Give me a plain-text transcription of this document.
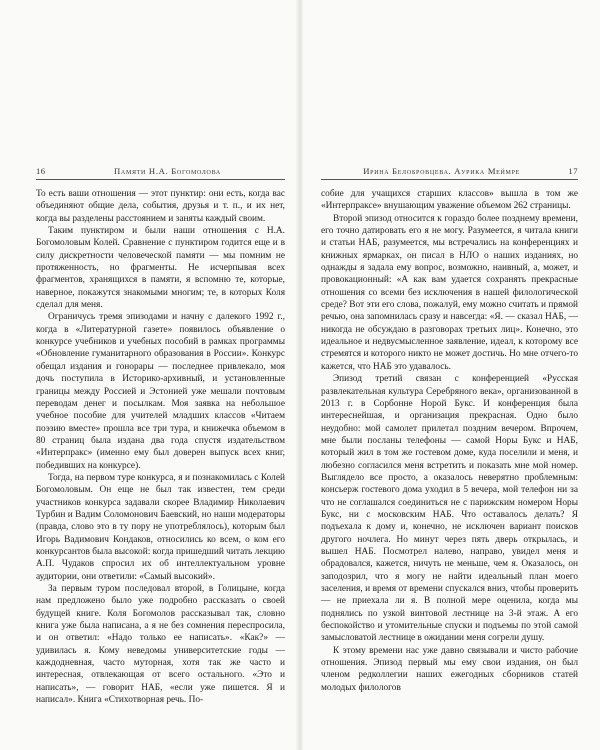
16	Памяти Н.А. Богомолова

То есть ваши отношения — этот пунктир: они есть, когда вас объединяют общие дела, события, друзья и т. п., и их нет, когда вы разделены расстоянием и заняты каждый своим.

Таким пунктиром и были наши отношения с Н.А. Богомоловым Колей. Сравнение с пунктиром годится еще и в силу дискретности человеческой памяти — мы помним не протяженность, но фрагменты. Не исчерпывая всех фрагментов, хранящихся в памяти, я вспомню те, которые, наверное, покажутся знакомыми многим; те, в которых Коля сделал для меня.

Ограничусь тремя эпизодами и начну с далекого 1992 г., когда в «Литературной газете» появилось объявление о конкурсе учебников и учебных пособий в рамках программы «Обновление гуманитарного образования в России». Конкурс обещал издания и гонорары — последнее привлекало, моя дочь поступила в Историко-архивный, и установленные границы между Россией и Эстонией уже мешали почтовым переводам денег и посылкам. Моя заявка на небольшое учебное пособие для учителей младших классов «Читаем поэзию вместе» прошла все три тура, и книжечка объемом в 80 страниц была издана два года спустя издательством «Интерпракс» (именно ему был доверен выпуск всех книг, победивших на конкурсе).

Тогда, на первом туре конкурса, я и познакомилась с Колей Богомоловым. Он еще не был так известен, тем среди участников конкурса задавали скорее Владимир Николаевич Турбин и Вадим Соломонович Баевский, но наши модераторы (правда, слово это в ту пору не употреблялось), которым был Игорь Вадимович Кондаков, относились ко всем, о ком его конкурсантов была высокой: когда пришедший читать лекцию А.П. Чудаков спросил их об интеллектуальном уровне аудитории, они ответили: «Самый высокий».

За первым туром последовал второй, в Голицыне, когда нам предложено было уже подробно рассказать о своей будущей книге. Коля Богомолов рассказывал так, словно книга уже была написана, а я не без сомнения переспросила, и он ответил: «Надо только ее написать». «Как?» — удивилась я. Кому неведомы университетские годы — каждодневная, часто муторная, хотя так же часто и интересная, отвлекающая от всего остального. «Это и написать», — говорит НАБ, «если уже пишется. Я и написал». Книга «Стихотворная речь. По-

Ирина Белобровцева. Аурика Меймре	17

собие для учащихся старших классов» вышла в том же «Интерпраксе» внушающим уважение объемом 262 страницы.

Второй эпизод относится к гораздо более позднему времени, его точно датировать его я не могу. Разумеется, я читала книги и статьи НАБ, разумеется, мы встречались на конференциях и книжных ярмарках, он писал в НЛО о наших изданиях, но однажды я задала ему вопрос, возможно, наивный, а, может, и провокационный: «А как вам удается сохранять прекрасные отношения со всеми без исключения в нашей филологической среде? Вот эти его слова, пожалуй, ему можно считать и прямой речью, она запомнилась сразу и навсегда: «Я. — сказал НАБ, — никогда не обсуждаю в разговорах третьих лиц». Конечно, это идеальное и недвусмысленное заявление, идеал, к которому все стремятся и которого никто не может достичь. Но мне отчего-то кажется, что НАБ это удавалось.

Эпизод третий связан с конференцией «Русская развлекательная культура Серебряного века», организованной в 2013 г. в Сорбонне Норой Букс. И конференция была интереснейшая, и организация прекрасная. Одно было неудобно: мой самолет прилетал поздним вечером. Впрочем, мне были посланы телефоны — самой Норы Букс и НАБ, который жил в том же гостевом доме, куда поселили и меня, и любезно согласился меня встретить и показать мне мой номер. Выглядело все просто, а оказалось неверятно проблемным: консьерж гостевого дома уходил в 5 вечера, мой телефон ни за что не соглашался соединиться не с парижским номером Норы Букс, ни с московским НАБ. Что оставалось делать? Я подъехала к дому и, конечно, не исключен вариант поисков другого ночлега. Но минут через пять дверь открылась, и вышел НАБ. Посмотрел налево, направо, увидел меня и обрадовался, кажется, ничуть не меньше, чем я. Оказалось, он заподозрил, что я могу не найти идеальный план моего заселения, и время от времени спускался вниз, чтобы проверить — не приехала ли я. В полной мере оценила, когда мы поднялись по узкой винтовой лестнице на 3-й этаж. А его беспокойство и утомительные спуски и подъемы по этой самой замысловатой лестнице в ожидании меня согрели душу.

К этому времени нас уже давно связывали и чисто рабочие отношения. Эпизод первый мы ему свои издания, он был членом редколлегии наших ежегодных сборников статей молодых филологов
